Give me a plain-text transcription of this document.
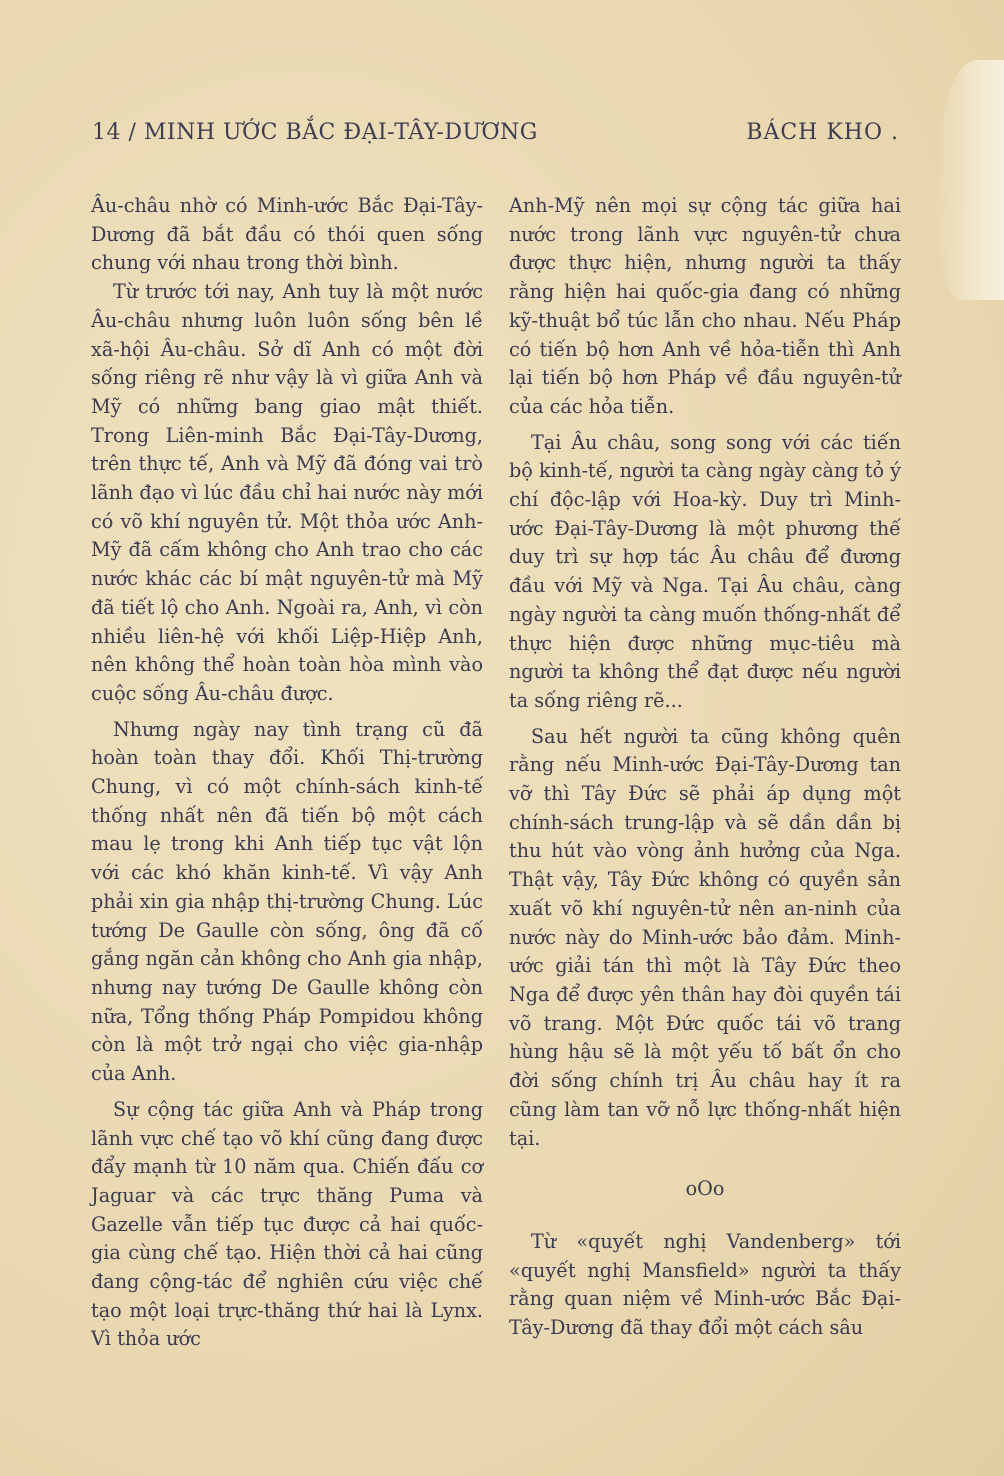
14 / MINH ƯỚC BẮC ĐẠI-TÂY-DƯƠNG	BÁCH KHO .

Âu-châu nhờ có Minh-ước Bắc Đại-Tây-Dương đã bắt đầu có thói quen sống chung với nhau trong thời bình.

Từ trước tới nay, Anh tuy là một nước Âu-châu nhưng luôn luôn sống bên lề xã-hội Âu-châu. Sở dĩ Anh có một đời sống riêng rẽ như vậy là vì giữa Anh và Mỹ có những bang giao mật thiết. Trong Liên-minh Bắc Đại-Tây-Dương, trên thực tế, Anh và Mỹ đã đóng vai trò lãnh đạo vì lúc đầu chỉ hai nước này mới có võ khí nguyên tử. Một thỏa ước Anh-Mỹ đã cấm không cho Anh trao cho các nước khác các bí mật nguyên-tử mà Mỹ đã tiết lộ cho Anh. Ngoài ra, Anh, vì còn nhiều liên-hệ với khối Liệp-Hiệp Anh, nên không thể hoàn toàn hòa mình vào cuộc sống Âu-châu được.

Nhưng ngày nay tình trạng cũ đã hoàn toàn thay đổi. Khối Thị-trường Chung, vì có một chính-sách kinh-tế thống nhất nên đã tiến bộ một cách mau lẹ trong khi Anh tiếp tục vật lộn với các khó khăn kinh-tế. Vì vậy Anh phải xin gia nhập thị-trường Chung. Lúc tướng De Gaulle còn sống, ông đã cố gắng ngăn cản không cho Anh gia nhập, nhưng nay tướng De Gaulle không còn nữa, Tổng thống Pháp Pompidou không còn là một trở ngại cho việc gia-nhập của Anh.

Sự cộng tác giữa Anh và Pháp trong lãnh vực chế tạo võ khí cũng đang được đẩy mạnh từ 10 năm qua. Chiến đấu cơ Jaguar và các trực thăng Puma và Gazelle vẫn tiếp tục được cả hai quốc-gia cùng chế tạo. Hiện thời cả hai cũng đang cộng-tác để nghiên cứu việc chế tạo một loại trực-thăng thứ hai là Lynx. Vì thỏa ước

Anh-Mỹ nên mọi sự cộng tác giữa hai nước trong lãnh vực nguyên-tử chưa được thực hiện, nhưng người ta thấy rằng hiện hai quốc-gia đang có những kỹ-thuật bổ túc lẫn cho nhau. Nếu Pháp có tiến bộ hơn Anh về hỏa-tiễn thì Anh lại tiến bộ hơn Pháp về đầu nguyên-tử của các hỏa tiễn.

Tại Âu châu, song song với các tiến bộ kinh-tế, người ta càng ngày càng tỏ ý chí độc-lập với Hoa-kỳ. Duy trì Minh-ước Đại-Tây-Dương là một phương thế duy trì sự hợp tác Âu châu để đương đầu với Mỹ và Nga. Tại Âu châu, càng ngày người ta càng muốn thống-nhất để thực hiện được những mục-tiêu mà người ta không thể đạt được nếu người ta sống riêng rẽ...

Sau hết người ta cũng không quên rằng nếu Minh-ước Đại-Tây-Dương tan vỡ thì Tây Đức sẽ phải áp dụng một chính-sách trung-lập và sẽ dần dần bị thu hút vào vòng ảnh hưởng của Nga. Thật vậy, Tây Đức không có quyền sản xuất võ khí nguyên-tử nên an-ninh của nước này do Minh-ước bảo đảm. Minh-ước giải tán thì một là Tây Đức theo Nga để được yên thân hay đòi quyền tái võ trang. Một Đức quốc tái võ trang hùng hậu sẽ là một yếu tố bất ổn cho đời sống chính trị Âu châu hay ít ra cũng làm tan vỡ nỗ lực thống-nhất hiện tại.

oOo

Từ «quyết nghị Vandenberg» tới «quyết nghị Mansfield» người ta thấy rằng quan niệm về Minh-ước Bắc Đại-Tây-Dương đã thay đổi một cách sâu
